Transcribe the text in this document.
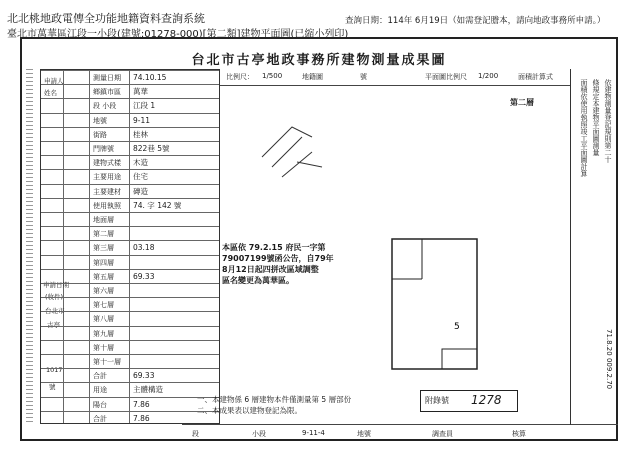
北北桃地政電傳全功能地籍資料查詢系統
臺北市萬華區江段一小段(建號:01278-000)[第二類]建物平面圖(已縮小列印)
查詢日期：114年 6月19日（如需登記謄本，請向地政事務所申請。）
台北市古亭地政事務所建物測量成果圖
申請人
姓名
申請日期
(收件)
台北市
古亭
1017
號
測量日期 74.10.15
鄉鎮市區 萬華
段 小段 江段 1
地號	9-11
街路	桂林
門牌號	822巷 5號
建物式樣 木造
主要用途 住宅
主要建材 磚造
使用執照 74. 字 142 號
地面層
第二層
第三層	03.18
第四層
第五層	69.33
第六層
第七層
第八層
第九層
第十層
第十一層
合計	69.33
用途	主體構造
陽台	7.86
合計	7.86
比例尺： 1/500	地籍圖	號	平面圖比例尺 1/200	面積計算式
第二層
本區依 79.2.15 府民一字第
79007199號函公告，自79年
8月12日起四拼改區域調整
區名變更為萬華區。
5
一、本建物係 6 層建物本件僅測量第 5 層部份
二、本成果表以建物登記為限。
附錄號 1278
段	小段	9-11-4	地號	調查員	核算
依建物測量登記規則第二十
條規定本建物平面圖測量
面積依使用執照竣工平面圖計算
71.8.20 009.2.70
